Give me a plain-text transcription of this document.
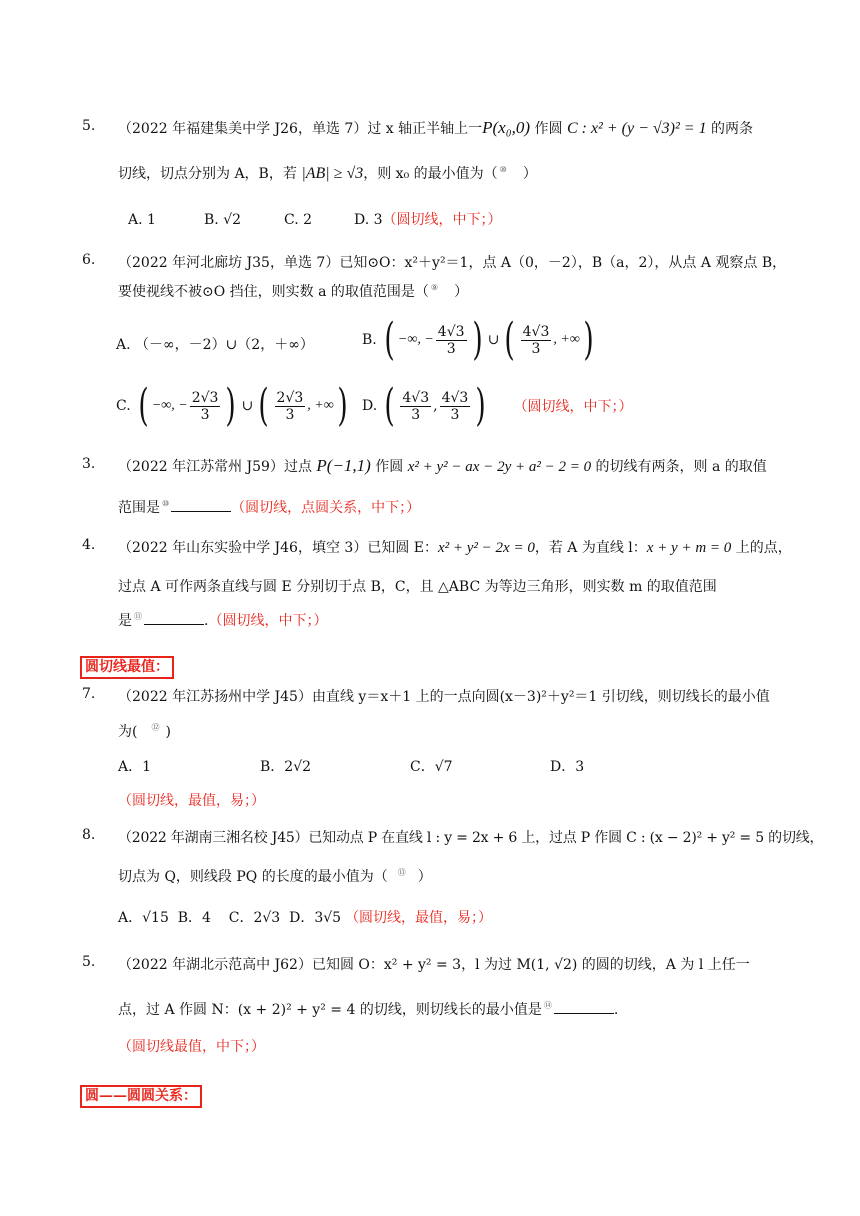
5. （2022 年福建集美中学 J26，单选 7）过 x 轴正半轴上一P(x₀,0) 作圆 C : x² + (y − √3)² = 1 的两条
切线，切点分别为 A，B，若 |AB| ≥ √3，则 x₀ 的最小值为（ ⑩ ）
A. 1	B. √2	C. 2	D. 3（圆切线，中下；）
6. （2022 年河北廊坊 J35，单选 7）已知⊙O：x²＋y²＝1，点 A（0，－2），B（a，2），从点 A 观察点 B，
要使视线不被⊙O 挡住，则实数 a 的取值范围是（ ⑨ ）
A. （－∞，－2）∪（2，＋∞）	B. ( −∞, − $\frac{4√3}{3}$ ) ∪ ( $\frac{4√3}{3}$ , +∞ )
C. ( −∞, − $\frac{2√3}{3}$ ) ∪ ( $\frac{2√3}{3}$ , +∞ ) D. ( $\frac{4√3}{3}$ , $\frac{4√3}{3}$ ) （圆切线，中下；）
3. （2022 年江苏常州 J59）过点 P(−1,1) 作圆 x² + y² − ax − 2y + a² − 2 = 0 的切线有两条，则 a 的取值
范围是 ⑩	（圆切线，点圆关系，中下；）
4. （2022 年山东实验中学 J46，填空 3）已知圆 E：x² + y² − 2x = 0，若 A 为直线 l：x + y + m = 0 上的点，
过点 A 可作两条直线与圆 E 分别切于点 B，C，且 △ABC 为等边三角形，则实数 m 的取值范围
是 ⑪	.（圆切线，中下；）
圆切线最值：
7. （2022 年江苏扬州中学 J45）由直线 y＝x＋1 上的一点向圆(x－3)²＋y²＝1 引切线，则切线长的最小值
为( ⑫ )
A．1	B．2√2	C．√7	D．3
（圆切线，最值，易；）
8. （2022 年湖南三湘名校 J45）已知动点 P 在直线 l : y = 2x + 6 上，过点 P 作圆 C : (x − 2)² + y² = 5 的切线，
切点为 Q，则线段 PQ 的长度的最小值为（ ⑬ ）
A．√15  B．4    C．2√3  D．3√5 （圆切线，最值，易；）
5. （2022 年湖北示范高中 J62）已知圆 O：x² + y² = 3，l 为过 M(1, √2) 的圆的切线，A 为 l 上任一
点，过 A 作圆 N：(x + 2)² + y² = 4 的切线，则切线长的最小值是 ⑭	.
（圆切线最值，中下；）
圆——圆圆关系：
